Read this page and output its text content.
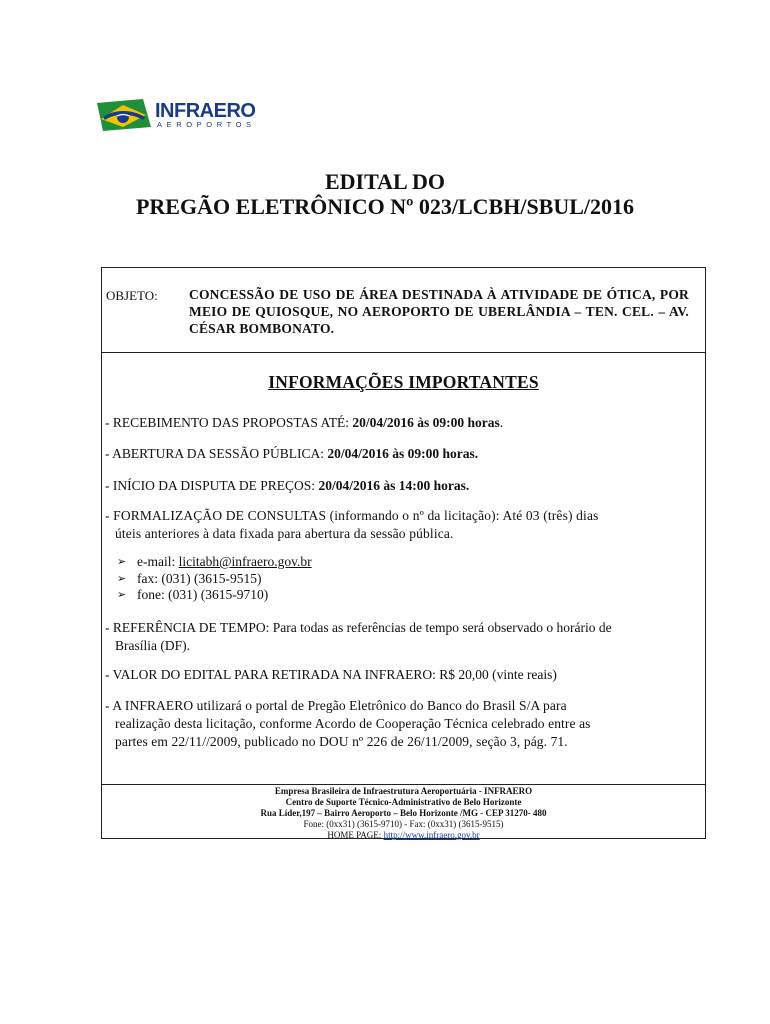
INFRAERO
AEROPORTOS
EDITAL DO
PREGÃO ELETRÔNICO Nº 023/LCBH/SBUL/2016
OBJETO: CONCESSÃO DE USO DE ÁREA DESTINADA À ATIVIDADE DE ÓTICA, POR MEIO DE QUIOSQUE, NO AEROPORTO DE UBERLÂNDIA – TEN. CEL. – AV. CÉSAR BOMBONATO.
INFORMAÇÕES IMPORTANTES
- RECEBIMENTO DAS PROPOSTAS ATÉ: 20/04/2016 às 09:00 horas.
- ABERTURA DA SESSÃO PÚBLICA: 20/04/2016 às 09:00 horas.
- INÍCIO DA DISPUTA DE PREÇOS: 20/04/2016 às 14:00 horas.
- FORMALIZAÇÃO DE CONSULTAS (informando o nº da licitação): Até 03 (três) dias
úteis anteriores à data fixada para abertura da sessão pública.
➢ e-mail:
licitabh@infraero.gov.br
➢ fax: (031) (3615-9515)
➢ fone: (031) (3615-9710)
- REFERÊNCIA DE TEMPO: Para todas as referências de tempo será observado o horário de
Brasília (DF).
- VALOR DO EDITAL PARA RETIRADA NA INFRAERO: R$ 20,00 (vinte reais)
- A INFRAERO utilizará o portal de Pregão Eletrônico do Banco do Brasil S/A para
realização desta licitação, conforme Acordo de Cooperação Técnica celebrado entre as
partes em 22/11//2009, publicado no DOU nº 226 de 26/11/2009, seção 3, pág. 71.
Empresa Brasileira de Infraestrutura Aeroportuária - INFRAERO
Centro de Suporte Técnico-Administrativo de Belo Horizonte
Rua Líder,197 – Bairro Aeroporto – Belo Horizonte /MG - CEP 31270- 480
Fone: (0xx31) (3615-9710) - Fax: (0xx31) (3615-9515)
HOME PAGE: http://www.infraero.gov.br
